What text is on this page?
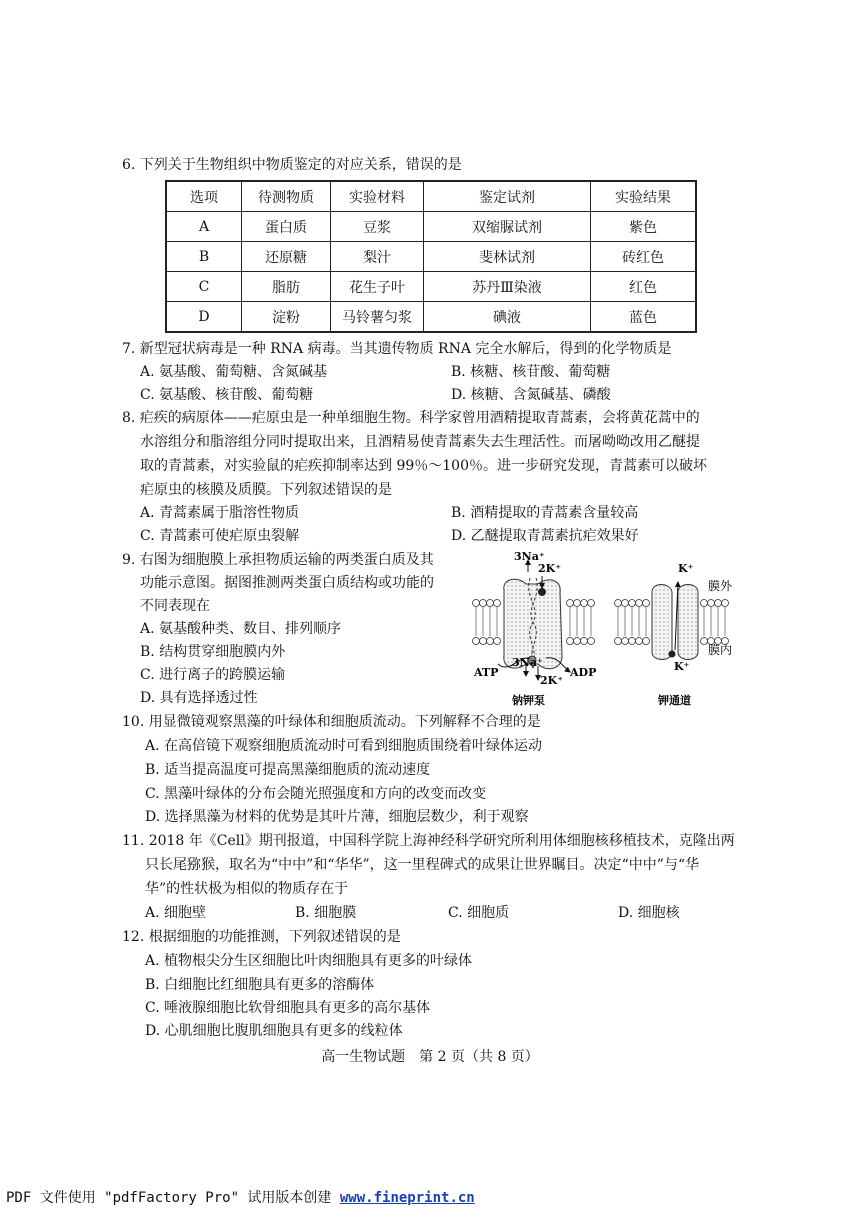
6. 下列关于生物组织中物质鉴定的对应关系，错误的是
选项	待测物质	实验材料	鉴定试剂	实验结果
A	蛋白质	豆浆	双缩脲试剂	紫色
B	还原糖	梨汁	斐林试剂	砖红色
C	脂肪	花生子叶	苏丹Ⅲ染液	红色
D	淀粉	马铃薯匀浆	碘液	蓝色
7. 新型冠状病毒是一种 RNA 病毒。当其遗传物质 RNA 完全水解后，得到的化学物质是
A. 氨基酸、葡萄糖、含氮碱基	B. 核糖、核苷酸、葡萄糖
C. 氨基酸、核苷酸、葡萄糖	D. 核糖、含氮碱基、磷酸
8. 疟疾的病原体——疟原虫是一种单细胞生物。科学家曾用酒精提取青蒿素，会将黄花蒿中的
水溶组分和脂溶组分同时提取出来，且酒精易使青蒿素失去生理活性。而屠呦呦改用乙醚提
取的青蒿素，对实验鼠的疟疾抑制率达到 99％～100％。进一步研究发现，青蒿素可以破坏
疟原虫的核膜及质膜。下列叙述错误的是
A. 青蒿素属于脂溶性物质	B. 酒精提取的青蒿素含量较高
C. 青蒿素可使疟原虫裂解	D. 乙醚提取青蒿素抗疟效果好
9. 右图为细胞膜上承担物质运输的两类蛋白质及其
功能示意图。据图推测两类蛋白质结构或功能的
不同表现在
A. 氨基酸种类、数目、排列顺序
B. 结构贯穿细胞膜内外
C. 进行离子的跨膜运输
D. 具有选择透过性
3Na⁺
2K⁺	K⁺
膜外
膜内
3Na⁺
ATP	ADP
2K⁺
K⁺
钠钾泵	钾通道
10. 用显微镜观察黑藻的叶绿体和细胞质流动。下列解释不合理的是
A. 在高倍镜下观察细胞质流动时可看到细胞质围绕着叶绿体运动
B. 适当提高温度可提高黑藻细胞质的流动速度
C. 黑藻叶绿体的分布会随光照强度和方向的改变而改变
D. 选择黑藻为材料的优势是其叶片薄，细胞层数少，利于观察
11. 2018 年《Cell》期刊报道，中国科学院上海神经科学研究所利用体细胞核移植技术，克隆出两
只长尾猕猴，取名为“中中”和“华华”，这一里程碑式的成果让世界瞩目。决定“中中”与“华
华”的性状极为相似的物质存在于
A. 细胞壁	B. 细胞膜	C. 细胞质	D. 细胞核
12. 根据细胞的功能推测，下列叙述错误的是
A. 植物根尖分生区细胞比叶肉细胞具有更多的叶绿体
B. 白细胞比红细胞具有更多的溶酶体
C. 唾液腺细胞比软骨细胞具有更多的高尔基体
D. 心肌细胞比腹肌细胞具有更多的线粒体
高一生物试题　第 2 页（共 8 页）
PDF 文件使用 "pdfFactory Pro" 试用版本创建 www.fineprint.cn
